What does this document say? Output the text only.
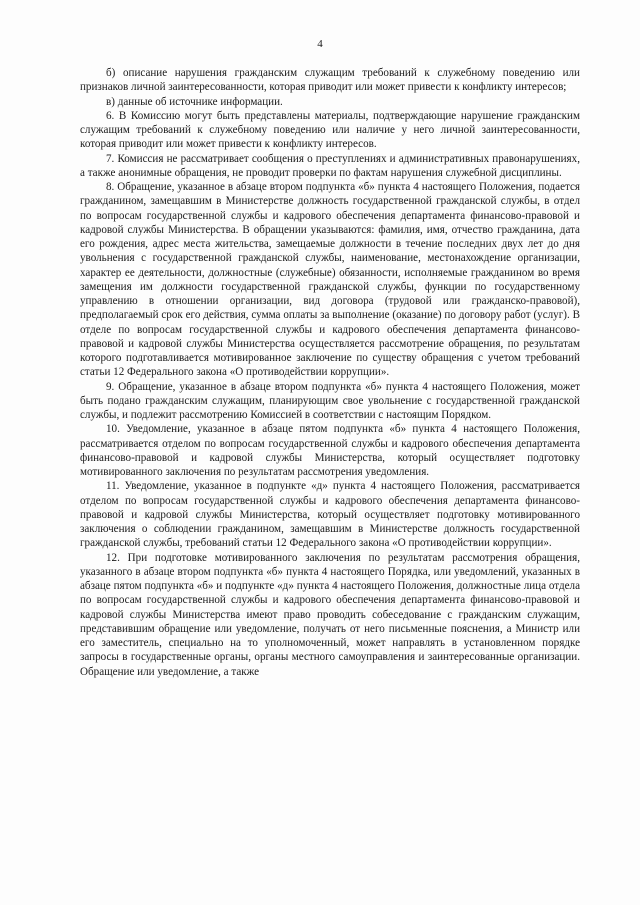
4

б) описание нарушения гражданским служащим требований к служебному поведению или признаков личной заинтересованности, которая приводит или может привести к конфликту интересов;

в) данные об источнике информации.

6. В Комиссию могут быть представлены материалы, подтверждающие нарушение гражданским служащим требований к служебному поведению или наличие у него личной заинтересованности, которая приводит или может привести к конфликту интересов.

7. Комиссия не рассматривает сообщения о преступлениях и административных правонарушениях, а также анонимные обращения, не проводит проверки по фактам нарушения служебной дисциплины.

8. Обращение, указанное в абзаце втором подпункта «б» пункта 4 настоящего Положения, подается гражданином, замещавшим в Министерстве должность государственной гражданской службы, в отдел по вопросам государственной службы и кадрового обеспечения департамента финансово-правовой и кадровой службы Министерства. В обращении указываются: фамилия, имя, отчество гражданина, дата его рождения, адрес места жительства, замещаемые должности в течение последних двух лет до дня увольнения с государственной гражданской службы, наименование, местонахождение организации, характер ее деятельности, должностные (служебные) обязанности, исполняемые гражданином во время замещения им должности государственной гражданской службы, функции по государственному управлению в отношении организации, вид договора (трудовой или гражданско-правовой), предполагаемый срок его действия, сумма оплаты за выполнение (оказание) по договору работ (услуг). В отделе по вопросам государственной службы и кадрового обеспечения департамента финансово-правовой и кадровой службы Министерства осуществляется рассмотрение обращения, по результатам которого подготавливается мотивированное заключение по существу обращения с учетом требований статьи 12 Федерального закона «О противодействии коррупции».

9. Обращение, указанное в абзаце втором подпункта «б» пункта 4 настоящего Положения, может быть подано гражданским служащим, планирующим свое увольнение с государственной гражданской службы, и подлежит рассмотрению Комиссией в соответствии с настоящим Порядком.

10. Уведомление, указанное в абзаце пятом подпункта «б» пункта 4 настоящего Положения, рассматривается отделом по вопросам государственной службы и кадрового обеспечения департамента финансово-правовой и кадровой службы Министерства, который осуществляет подготовку мотивированного заключения по результатам рассмотрения уведомления.

11. Уведомление, указанное в подпункте «д» пункта 4 настоящего Положения, рассматривается отделом по вопросам государственной службы и кадрового обеспечения департамента финансово-правовой и кадровой службы Министерства, который осуществляет подготовку мотивированного заключения о соблюдении гражданином, замещавшим в Министерстве должность государственной гражданской службы, требований статьи 12 Федерального закона «О противодействии коррупции».

12. При подготовке мотивированного заключения по результатам рассмотрения обращения, указанного в абзаце втором подпункта «б» пункта 4 настоящего Порядка, или уведомлений, указанных в абзаце пятом подпункта «б» и подпункте «д» пункта 4 настоящего Положения, должностные лица отдела по вопросам государственной службы и кадрового обеспечения департамента финансово-правовой и кадровой службы Министерства имеют право проводить собеседование с гражданским служащим, представившим обращение или уведомление, получать от него письменные пояснения, а Министр или его заместитель, специально на то уполномоченный, может направлять в установленном порядке запросы в государственные органы, органы местного самоуправления и заинтересованные организации. Обращение или уведомление, а также
